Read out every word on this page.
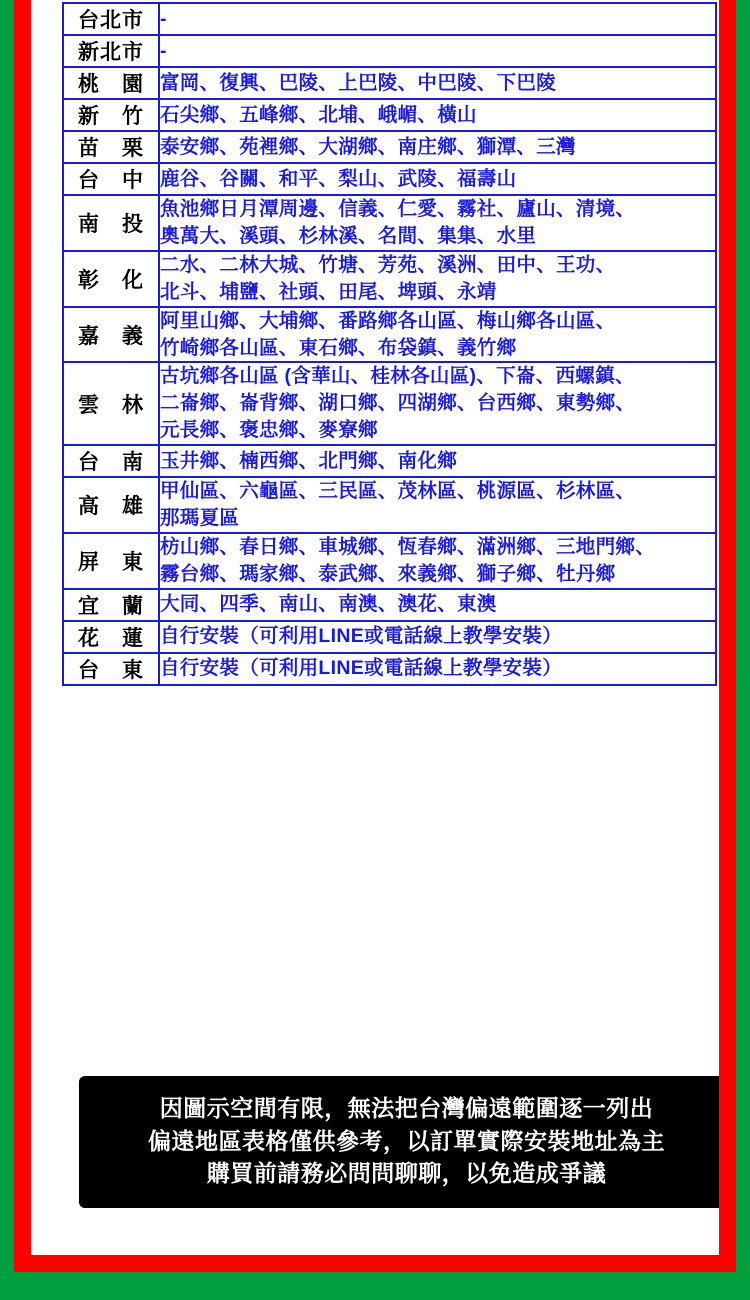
台北市	-

新北市	-

桃　園	富岡、復興、巴陵、上巴陵、中巴陵、下巴陵

新　竹	石尖鄉、五峰鄉、北埔、峨嵋、橫山

苗　栗	泰安鄉、苑裡鄉、大湖鄉、南庄鄉、獅潭、三灣

台　中	鹿谷、谷關、和平、梨山、武陵、福壽山

南　投	魚池鄉日月潭周邊、信義、仁愛、霧社、廬山、清境、
奧萬大、溪頭、杉林溪、名間、集集、水里

彰　化	二水、二林大城、竹塘、芳苑、溪洲、田中、王功、
北斗、埔鹽、社頭、田尾、埤頭、永靖

嘉　義	阿里山鄉、大埔鄉、番路鄉各山區、梅山鄉各山區、
竹崎鄉各山區、東石鄉、布袋鎮、義竹鄉

雲　林	古坑鄉各山區 (含華山、桂林各山區)、下崙、西螺鎮、
二崙鄉、崙背鄉、湖口鄉、四湖鄉、台西鄉、東勢鄉、
元長鄉、褒忠鄉、麥寮鄉

台　南	玉井鄉、楠西鄉、北門鄉、南化鄉

高　雄	甲仙區、六龜區、三民區、茂林區、桃源區、杉林區、
那瑪夏區

屏　東	枋山鄉、春日鄉、車城鄉、恆春鄉、滿洲鄉、三地門鄉、
霧台鄉、瑪家鄉、泰武鄉、來義鄉、獅子鄉、牡丹鄉

宜　蘭	大同、四季、南山、南澳、澳花、東澳

花　蓮	自行安裝（可利用LINE或電話線上教學安裝）

台　東	自行安裝（可利用LINE或電話線上教學安裝）
因圖示空間有限，無法把台灣偏遠範圍逐一列出
偏遠地區表格僅供參考，以訂單實際安裝地址為主
購買前請務必問問聊聊，以免造成爭議
